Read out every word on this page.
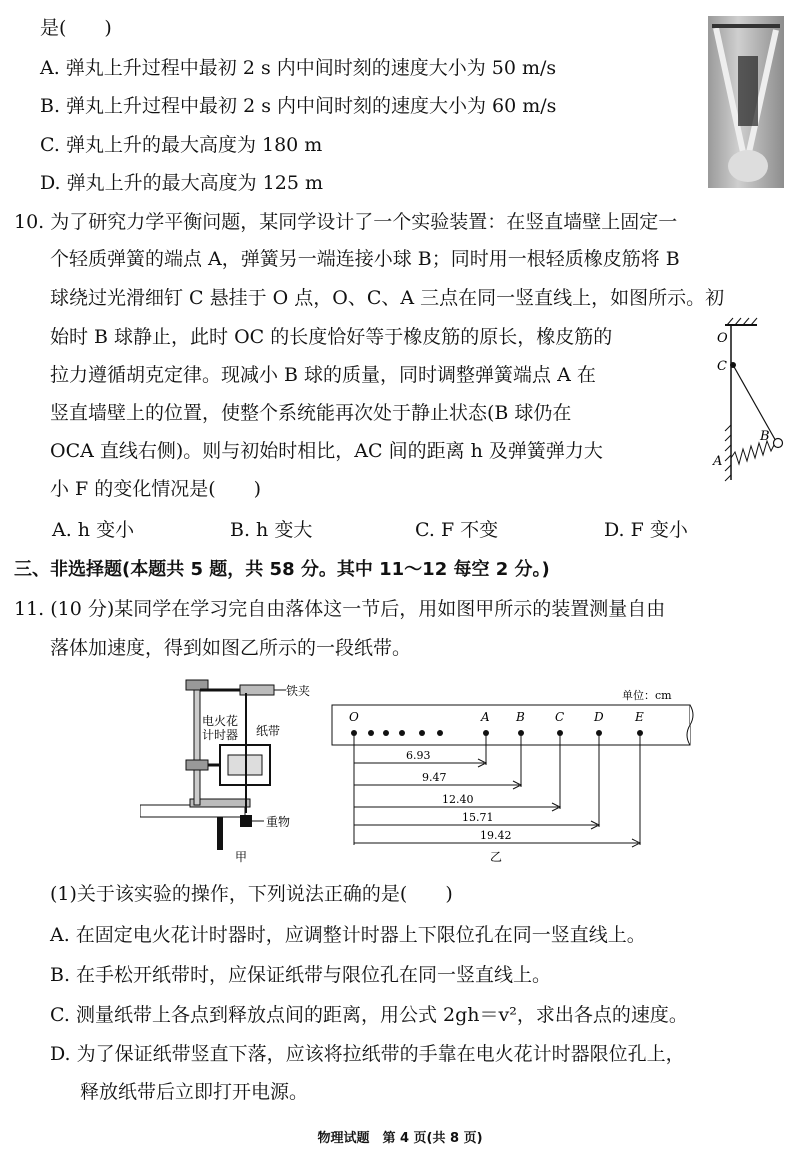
是(　　)
A. 弹丸上升过程中最初 2 s 内中间时刻的速度大小为 50 m/s
B. 弹丸上升过程中最初 2 s 内中间时刻的速度大小为 60 m/s
C. 弹丸上升的最大高度为 180 m
D. 弹丸上升的最大高度为 125 m
10. 为了研究力学平衡问题，某同学设计了一个实验装置：在竖直墙壁上固定一
个轻质弹簧的端点 A，弹簧另一端连接小球 B；同时用一根轻质橡皮筋将 B
球绕过光滑细钉 C 悬挂于 O 点，O、C、A 三点在同一竖直线上，如图所示。初
始时 B 球静止，此时 OC 的长度恰好等于橡皮筋的原长，橡皮筋的
拉力遵循胡克定律。现减小 B 球的质量，同时调整弹簧端点 A 在
竖直墙壁上的位置，使整个系统能再次处于静止状态(B 球仍在
OCA 直线右侧)。则与初始时相比，AC 间的距离 h 及弹簧弹力大
小 F 的变化情况是(　　)
O
C
B
A
A. h 变小	B. h 变大	C. F 不变	D. F 变小
三、非选择题(本题共 5 题，共 58 分。其中 11～12 每空 2 分。)
11. (10 分)某同学在学习完自由落体这一节后，用如图甲所示的装置测量自由
落体加速度，得到如图乙所示的一段纸带。
铁夹
电火花
计时器 纸带
重物
甲
单位：cm
O	A B	C D	E
6.93
9.47
12.40
15.71
19.42
乙
(1)关于该实验的操作，下列说法正确的是(　　)
A. 在固定电火花计时器时，应调整计时器上下限位孔在同一竖直线上。
B. 在手松开纸带时，应保证纸带与限位孔在同一竖直线上。
C. 测量纸带上各点到释放点间的距离，用公式 2gh＝v²，求出各点的速度。
D. 为了保证纸带竖直下落，应该将拉纸带的手靠在电火花计时器限位孔上，
释放纸带后立即打开电源。
物理试题　第 4 页(共 8 页)
